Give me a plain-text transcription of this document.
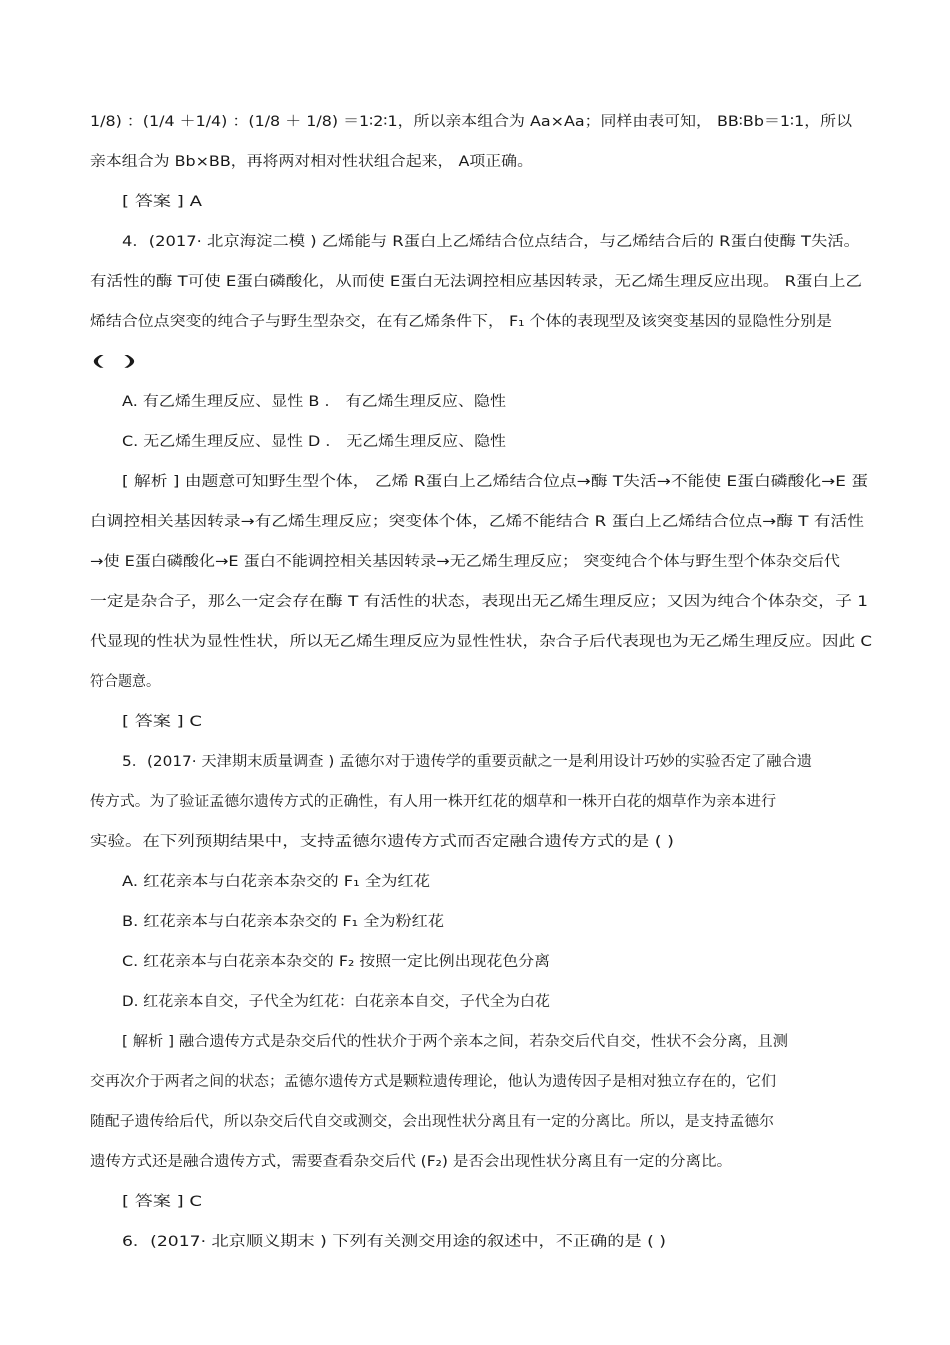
1/8) ：(1/4 ＋1/4) ：(1/8 ＋ 1/8) ＝1∶2∶1，所以亲本组合为 Aa×Aa；同样由表可知， BB∶Bb＝1∶1，所以
亲本组合为 Bb×BB，再将两对相对性状组合起来， A项正确。
[ 答案 ] A
4．(2017· 北京海淀二模 ) 乙烯能与 R蛋白上乙烯结合位点结合，与乙烯结合后的 R蛋白使酶 T失活。
有活性的酶 T可使 E蛋白磷酸化，从而使 E蛋白无法调控相应基因转录，无乙烯生理反应出现。 R蛋白上乙
烯结合位点突变的纯合子与野生型杂交，在有乙烯条件下， F₁ 个体的表现型及该突变基因的显隐性分别是
( )
A. 有乙烯生理反应、显性 B ． 有乙烯生理反应、隐性
C. 无乙烯生理反应、显性 D ． 无乙烯生理反应、隐性
[ 解析 ] 由题意可知野生型个体， 乙烯 R蛋白上乙烯结合位点→酶 T失活→不能使 E蛋白磷酸化→E 蛋
白调控相关基因转录→有乙烯生理反应；突变体个体，乙烯不能结合 R 蛋白上乙烯结合位点→酶 T 有活性
→使 E蛋白磷酸化→E 蛋白不能调控相关基因转录→无乙烯生理反应； 突变纯合个体与野生型个体杂交后代
一定是杂合子，那么一定会存在酶 T 有活性的状态，表现出无乙烯生理反应；又因为纯合个体杂交，子 1
代显现的性状为显性性状，所以无乙烯生理反应为显性性状，杂合子后代表现也为无乙烯生理反应。因此 C
符合题意。
[ 答案 ] C
5．(2017· 天津期末质量调查 ) 孟德尔对于遗传学的重要贡献之一是利用设计巧妙的实验否定了融合遗
传方式。为了验证孟德尔遗传方式的正确性，有人用一株开红花的烟草和一株开白花的烟草作为亲本进行
实验。在下列预期结果中，支持孟德尔遗传方式而否定融合遗传方式的是 ( )
A. 红花亲本与白花亲本杂交的 F₁ 全为红花
B. 红花亲本与白花亲本杂交的 F₁ 全为粉红花
C. 红花亲本与白花亲本杂交的 F₂ 按照一定比例出现花色分离
D. 红花亲本自交，子代全为红花：白花亲本自交，子代全为白花
[ 解析 ] 融合遗传方式是杂交后代的性状介于两个亲本之间，若杂交后代自交，性状不会分离，且测
交再次介于两者之间的状态；孟德尔遗传方式是颗粒遗传理论，他认为遗传因子是相对独立存在的，它们
随配子遗传给后代，所以杂交后代自交或测交，会出现性状分离且有一定的分离比。所以，是支持孟德尔
遗传方式还是融合遗传方式，需要查看杂交后代 (F₂) 是否会出现性状分离且有一定的分离比。
[ 答案 ] C
6．(2017· 北京顺义期末 ) 下列有关测交用途的叙述中，不正确的是 ( )
